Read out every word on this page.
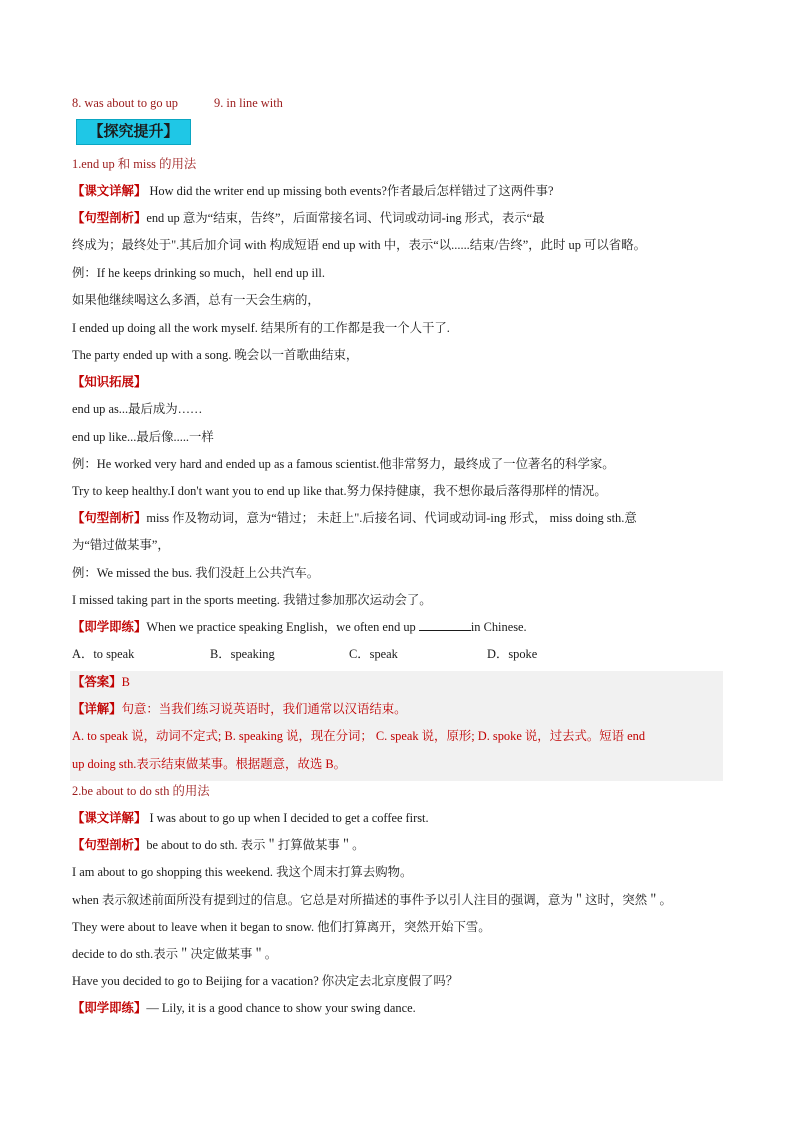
8. was about to go up	9. in line with
【探究提升】
1.end up 和 miss 的用法
【课文详解】 How did the writer end up missing both events?作者最后怎样错过了这两件事?
【句型剖析】end up 意为“结束，告终”，后面常接名词、代词或动词-ing 形式，表示“最
终成为；最终处于".其后加介词 with 构成短语 end up with 中，表示“以......结束/告终”，此时 up 可以省略。
例：If he keeps drinking so much，hell end up ill.
如果他继续喝这么多酒，总有一天会生病的，
I ended up doing all the work myself. 结果所有的工作都是我一个人干了.
The party ended up with a song. 晚会以一首歌曲结束，
【知识拓展】
end up as...最后成为……
end up like...最后像.....一样
例：He worked very hard and ended up as a famous scientist.他非常努力，最终成了一位著名的科学家。
Try to keep healthy.I don't want you to end up like that.努力保持健康，我不想你最后落得那样的情况。
【句型剖析】miss 作及物动词，意为“错过； 未赶上".后接名词、代词或动词-ing 形式， miss doing sth.意
为“错过做某事”，
例：We missed the bus. 我们没赶上公共汽车。
I missed taking part in the sports meeting. 我错过参加那次运动会了。
【即学即练】When we practice speaking English，we often end up	in Chinese.
A．to speak	B．speaking	C．speak	D．spoke
【答案】B
【详解】句意：当我们练习说英语时，我们通常以汉语结束。
A. to speak 说，动词不定式; B. speaking 说，现在分词； C. speak 说，原形; D. spoke 说，过去式。短语 end
up doing sth.表示结束做某事。根据题意，故选 B。
2.be about to do sth 的用法
【课文详解】 I was about to go up when I decided to get a coffee first.
【句型剖析】be about to do sth. 表示＂打算做某事＂。
I am about to go shopping this weekend. 我这个周末打算去购物。
when 表示叙述前面所没有提到过的信息。它总是对所描述的事件予以引人注目的强调，意为＂这时，突然＂。
They were about to leave when it began to snow. 他们打算离开，突然开始下雪。
decide to do sth.表示＂决定做某事＂。
Have you decided to go to Beijing for a vacation? 你决定去北京度假了吗？
【即学即练】— Lily, it is a good chance to show your swing dance.
